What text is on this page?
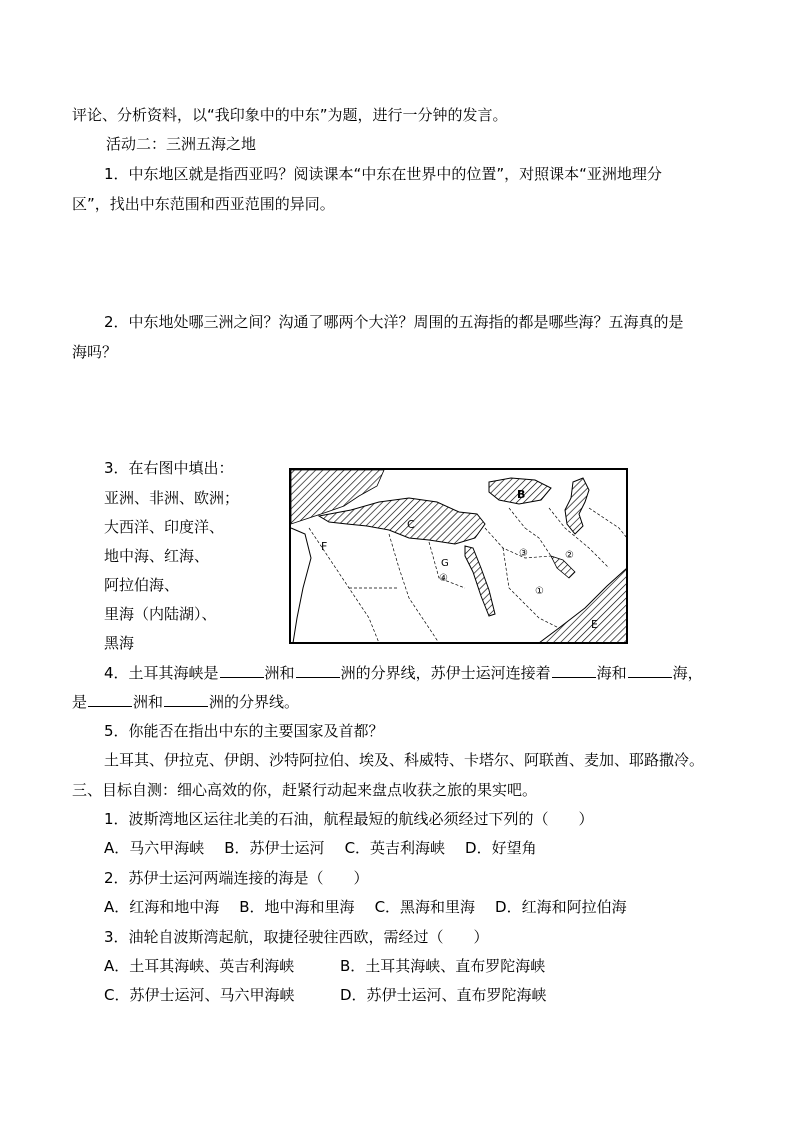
评论、分析资料，以“我印象中的中东”为题，进行一分钟的发言。
活动二：三洲五海之地
1．中东地区就是指西亚吗？阅读课本“中东在世界中的位置”，对照课本“亚洲地理分
区”，找出中东范围和西亚范围的异同。
2．中东地处哪三洲之间？沟通了哪两个大洋？周围的五海指的都是哪些海？五海真的是
海吗？
3．在右图中填出：
亚洲、非洲、欧洲；
大西洋、印度洋、
地中海、红海、
阿拉伯海、
里海（内陆湖）、
黑海
B
C
E
F
G
①
②
③
④
4．土耳其海峡是	洲和	洲的分界线，苏伊士运河连接着	海和	海，
是	洲和	洲的分界线。
5．你能否在指出中东的主要国家及首都？
土耳其、伊拉克、伊朗、沙特阿拉伯、埃及、科威特、卡塔尔、阿联酋、麦加、耶路撒冷。
三、目标自测：细心高效的你，赶紧行动起来盘点收获之旅的果实吧。
1．波斯湾地区运往北美的石油，航程最短的航线必须经过下列的（　　）
A．马六甲海峡 B．苏伊士运河 C．英吉利海峡 D．好望角
2．苏伊士运河两端连接的海是（　　）
A．红海和地中海 B．地中海和里海 C．黑海和里海 D．红海和阿拉伯海
3．油轮自波斯湾起航，取捷径驶往西欧，需经过（　　）
A．土耳其海峡、英吉利海峡	B．土耳其海峡、直布罗陀海峡
C．苏伊士运河、马六甲海峡	D．苏伊士运河、直布罗陀海峡
